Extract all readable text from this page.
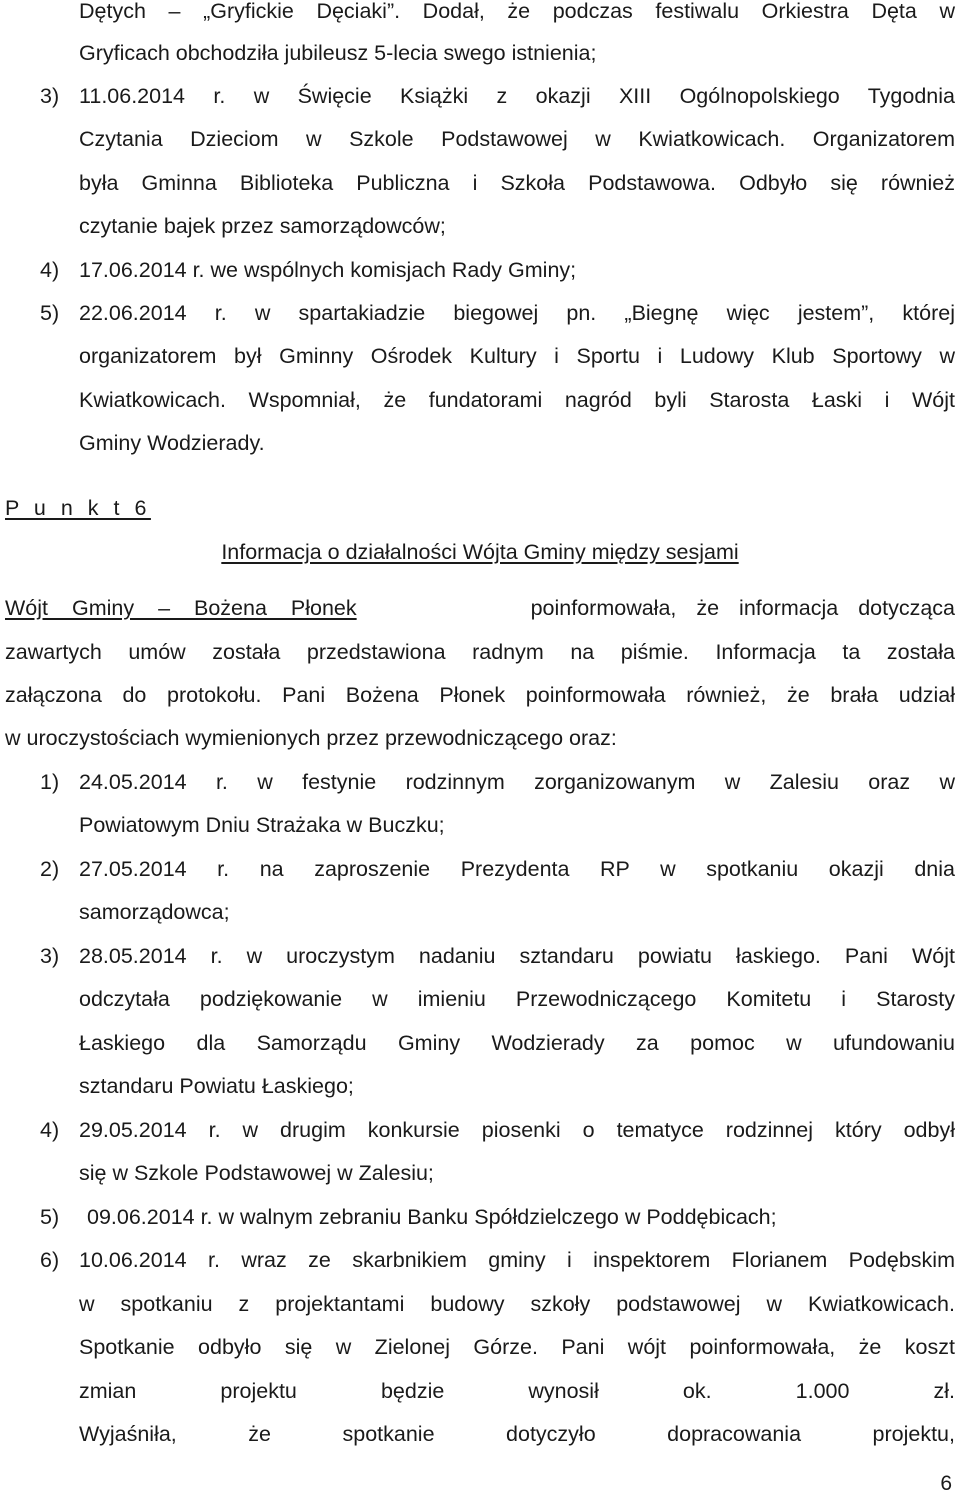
Dętych – „Gryfickie Dęciaki”. Dodał, że podczas festiwalu Orkiestra Dęta w
Gryficach obchodziła jubileusz 5-lecia swego istnienia;
3) 11.06.2014 r. w Święcie Książki z okazji XIII Ogólnopolskiego Tygodnia
Czytania Dzieciom w Szkole Podstawowej w Kwiatkowicach. Organizatorem
była Gminna Biblioteka Publiczna i Szkoła Podstawowa. Odbyło się również
czytanie bajek przez samorządowców;
4) 17.06.2014 r. we wspólnych komisjach Rady Gminy;
5) 22.06.2014 r. w spartakiadzie biegowej pn. „Biegnę więc jestem”, której
organizatorem był Gminny Ośrodek Kultury i Sportu i Ludowy Klub Sportowy w
Kwiatkowicach. Wspomniał, że fundatorami nagród byli Starosta Łaski i Wójt
Gminy Wodzierady.
P u n k t 6
Informacja o działalności Wójta Gminy między sesjami
Wójt Gminy – Bożena Płonek	poinformowała, że informacja dotycząca
zawartych umów została przedstawiona radnym na piśmie. Informacja ta została
załączona do protokołu. Pani Bożena Płonek poinformowała również, że brała udział
w uroczystościach wymienionych przez przewodniczącego oraz:
1) 24.05.2014 r. w festynie rodzinnym zorganizowanym w Zalesiu oraz w
Powiatowym Dniu Strażaka w Buczku;
2) 27.05.2014 r. na zaproszenie Prezydenta RP w spotkaniu okazji dnia
samorządowca;
3) 28.05.2014 r. w uroczystym nadaniu sztandaru powiatu łaskiego. Pani Wójt
odczytała podziękowanie w imieniu Przewodniczącego Komitetu i Starosty
Łaskiego dla Samorządu Gminy Wodzierady za pomoc w ufundowaniu
sztandaru Powiatu Łaskiego;
4) 29.05.2014 r. w drugim konkursie piosenki o tematyce rodzinnej który odbył
się w Szkole Podstawowej w Zalesiu;
5) 09.06.2014 r. w walnym zebraniu Banku Spółdzielczego w Poddębicach;
6) 10.06.2014 r. wraz ze skarbnikiem gminy i inspektorem Florianem Podębskim
w spotkaniu z projektantami budowy szkoły podstawowej w Kwiatkowicach.
Spotkanie odbyło się w Zielonej Górze. Pani wójt poinformowała, że koszt
zmian projektu będzie wynosił ok. 1.000 zł.
Wyjaśniła, że spotkanie dotyczyło dopracowania projektu,
6
